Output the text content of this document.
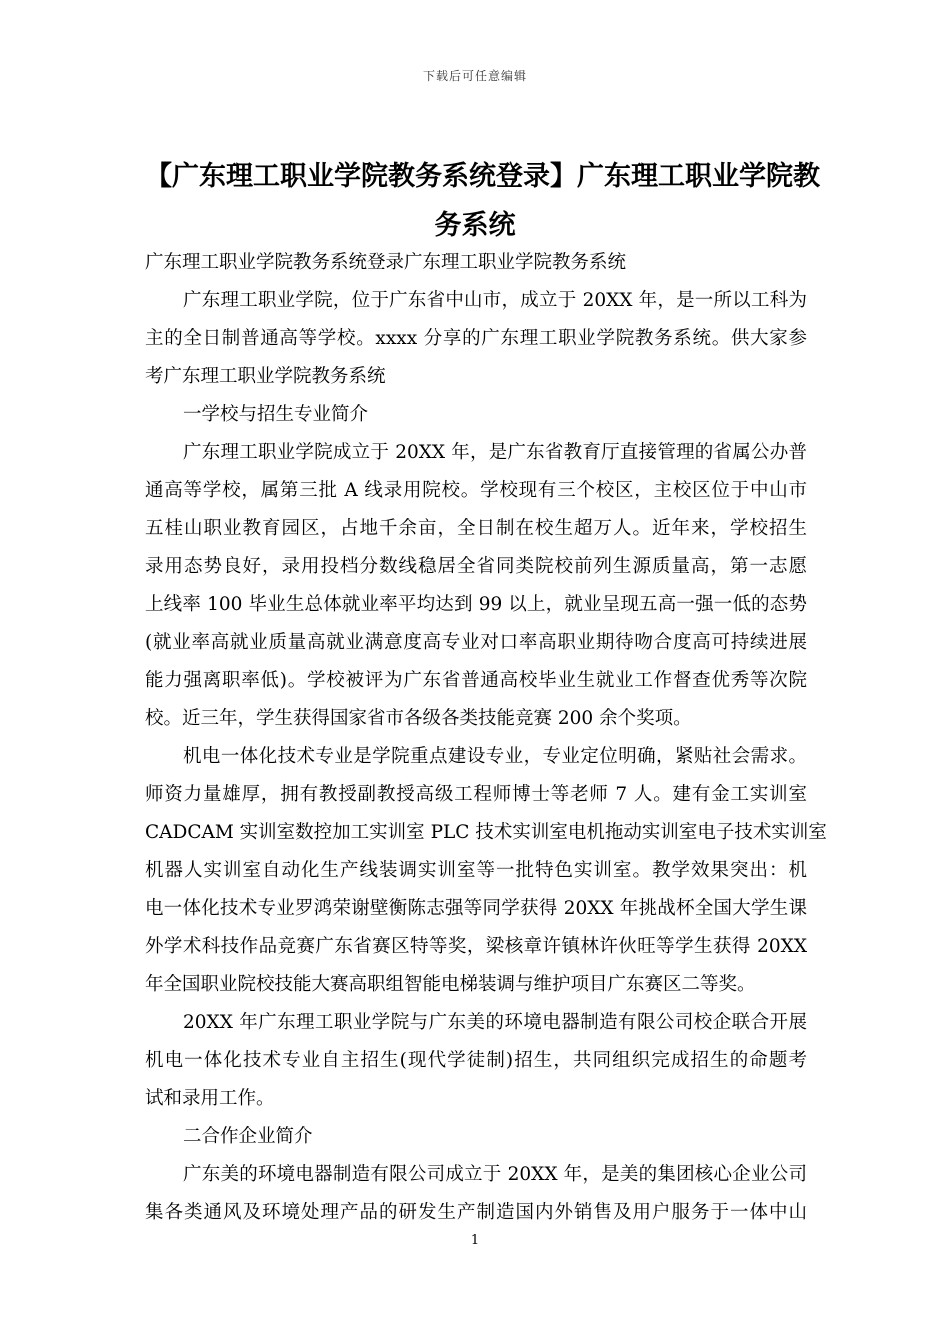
下载后可任意编辑
【广东理工职业学院教务系统登录】广东理工职业学院教
务系统
广东理工职业学院教务系统登录广东理工职业学院教务系统
广东理工职业学院，位于广东省中山市，成立于 20XX 年，是一所以工科为
主的全日制普通高等学校。xxxx 分享的广东理工职业学院教务系统。供大家参
考广东理工职业学院教务系统
一学校与招生专业简介
广东理工职业学院成立于 20XX 年，是广东省教育厅直接管理的省属公办普
通高等学校，属第三批 A 线录用院校。学校现有三个校区，主校区位于中山市
五桂山职业教育园区，占地千余亩，全日制在校生超万人。近年来，学校招生
录用态势良好，录用投档分数线稳居全省同类院校前列生源质量高，第一志愿
上线率 100 毕业生总体就业率平均达到 99 以上，就业呈现五高一强一低的态势
(就业率高就业质量高就业满意度高专业对口率高职业期待吻合度高可持续进展
能力强离职率低)。学校被评为广东省普通高校毕业生就业工作督查优秀等次院
校。近三年，学生获得国家省市各级各类技能竞赛 200 余个奖项。
机电一体化技术专业是学院重点建设专业，专业定位明确，紧贴社会需求。
师资力量雄厚，拥有教授副教授高级工程师博士等老师 7 人。建有金工实训室
CADCAM 实训室数控加工实训室 PLC 技术实训室电机拖动实训室电子技术实训室
机器人实训室自动化生产线装调实训室等一批特色实训室。教学效果突出：机
电一体化技术专业罗鸿荣谢壁衡陈志强等同学获得 20XX 年挑战杯全国大学生课
外学术科技作品竞赛广东省赛区特等奖，梁核章许镇林许伙旺等学生获得 20XX
年全国职业院校技能大赛高职组智能电梯装调与维护项目广东赛区二等奖。
20XX 年广东理工职业学院与广东美的环境电器制造有限公司校企联合开展
机电一体化技术专业自主招生(现代学徒制)招生，共同组织完成招生的命题考
试和录用工作。
二合作企业简介
广东美的环境电器制造有限公司成立于 20XX 年，是美的集团核心企业公司
集各类通风及环境处理产品的研发生产制造国内外销售及用户服务于一体中山
1
